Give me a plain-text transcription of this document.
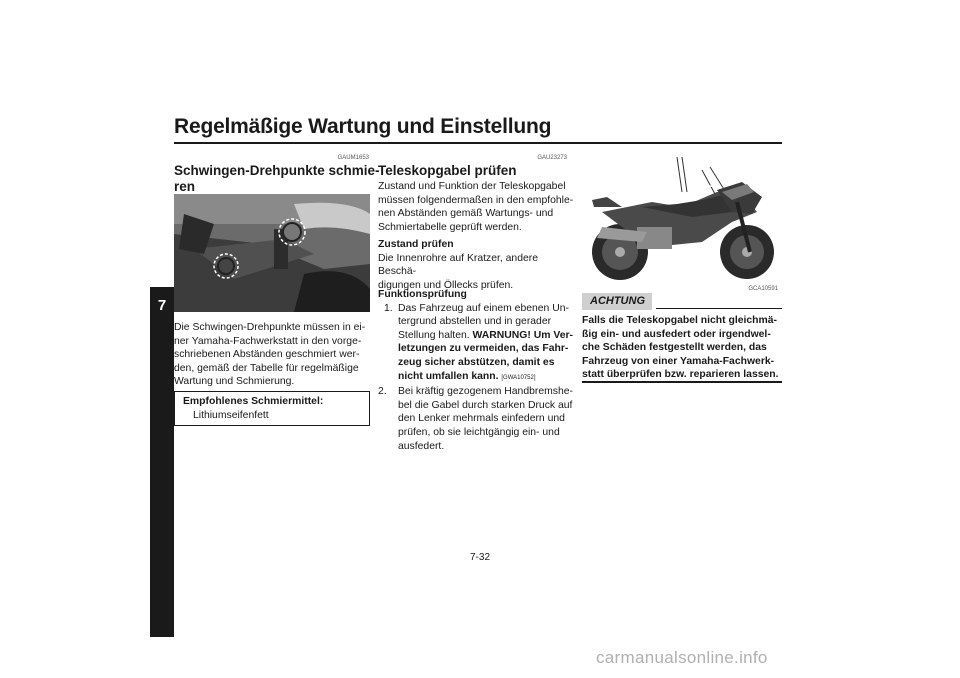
Regelmäßige Wartung und Einstellung
7
GAUM1653
Schwingen-Drehpunkte schmie-
ren
Die Schwingen-Drehpunkte müssen in ei-
ner Yamaha-Fachwerkstatt in den vorge-
schriebenen Abständen geschmiert wer-
den, gemäß der Tabelle für regelmäßige
Wartung und Schmierung.
Empfohlenes Schmiermittel:
Lithiumseifenfett
GAU23273
Teleskopgabel prüfen
Zustand und Funktion der Teleskopgabel
müssen folgendermaßen in den empfohle-
nen Abständen gemäß Wartungs- und
Schmiertabelle geprüft werden.
Zustand prüfen
Die Innenrohre auf Kratzer, andere Beschä-
digungen und Öllecks prüfen.
Funktionsprüfung
1. Das Fahrzeug auf einem ebenen Un-
tergrund abstellen und in gerader
Stellung halten. WARNUNG! Um Ver-
letzungen zu vermeiden, das Fahr-
zeug sicher abstützen, damit es
nicht umfallen kann. [GWA10752]
2. Bei kräftig gezogenem Handbremshe-
bel die Gabel durch starken Druck auf
den Lenker mehrmals einfedern und
prüfen, ob sie leichtgängig ein- und
ausfedert.
GCA10591
ACHTUNG
Falls die Teleskopgabel nicht gleichmä-
ßig ein- und ausfedert oder irgendwel-
che Schäden festgestellt werden, das
Fahrzeug von einer Yamaha-Fachwerk-
statt überprüfen bzw. reparieren lassen.
7-32
carmanualsonline.info
